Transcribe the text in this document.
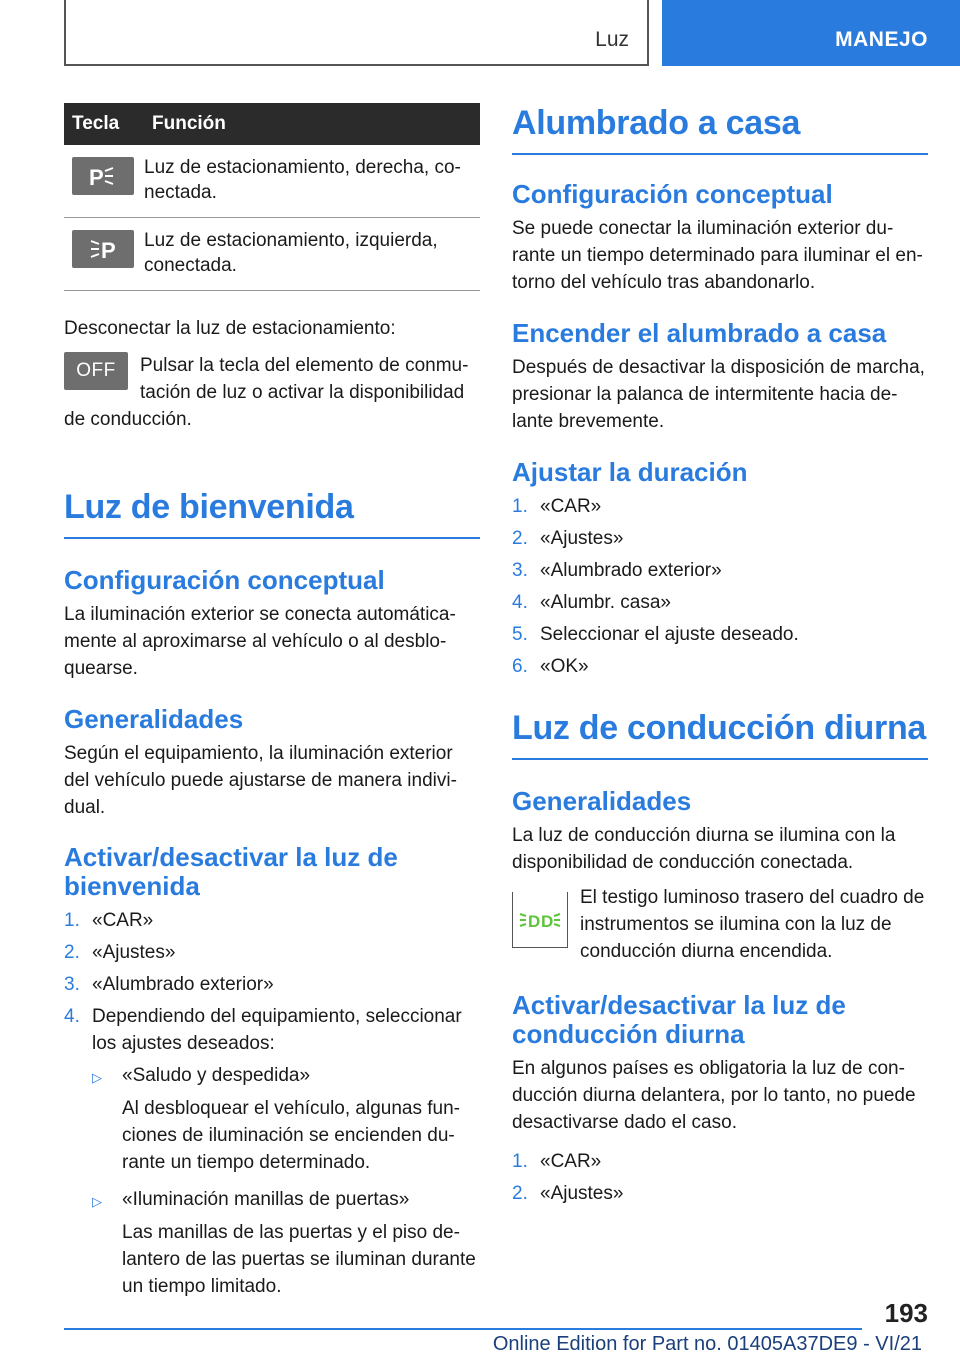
Luz	MANEJO
Tecla	Función

P	Luz de estacionamiento, derecha, co-
nectada.

P	Luz de estacionamiento, izquierda,
conectada.

Desconectar la luz de estacionamiento:

OFF	Pulsar la tecla del elemento de conmu-
tación de luz o activar la disponibilidad
de conducción.

Luz de bienvenida
Configuración conceptual

La iluminación exterior se conecta automática-
mente al aproximarse al vehículo o al desblo-
quearse.

Generalidades

Según el equipamiento, la iluminación exterior
del vehículo puede ajustarse de manera indivi-
dual.

Activar/desactivar la luz de
bienvenida
1. «CAR»
2. «Ajustes»
3. «Alumbrado exterior»
4. Dependiendo del equipamiento, seleccionar
los ajustes deseados:
▷	«Saludo y despedida»
Al desbloquear el vehículo, algunas fun-
ciones de iluminación se encienden du-
rante un tiempo determinado.
▷	«Iluminación manillas de puertas»
Las manillas de las puertas y el piso de-
lantero de las puertas se iluminan durante
un tiempo limitado.
Alumbrado a casa
Configuración conceptual

Se puede conectar la iluminación exterior du-
rante un tiempo determinado para iluminar el en-
torno del vehículo tras abandonarlo.

Encender el alumbrado a casa

Después de desactivar la disposición de marcha,
presionar la palanca de intermitente hacia de-
lante brevemente.

Ajustar la duración
1. «CAR»
2. «Ajustes»
3. «Alumbrado exterior»
4. «Alumbr. casa»
5. Seleccionar el ajuste deseado.
6. «OK»
Luz de conducción diurna
Generalidades

La luz de conducción diurna se ilumina con la
disponibilidad de conducción conectada.

D D

El testigo luminoso trasero del cuadro de
instrumentos se ilumina con la luz de
conducción diurna encendida.

Activar/desactivar la luz de
conducción diurna

En algunos países es obligatoria la luz de con-
ducción diurna delantera, por lo tanto, no puede
desactivarse dado el caso.

1. «CAR»
2. «Ajustes»
193
Online Edition for Part no. 01405A37DE9 - VI/21
